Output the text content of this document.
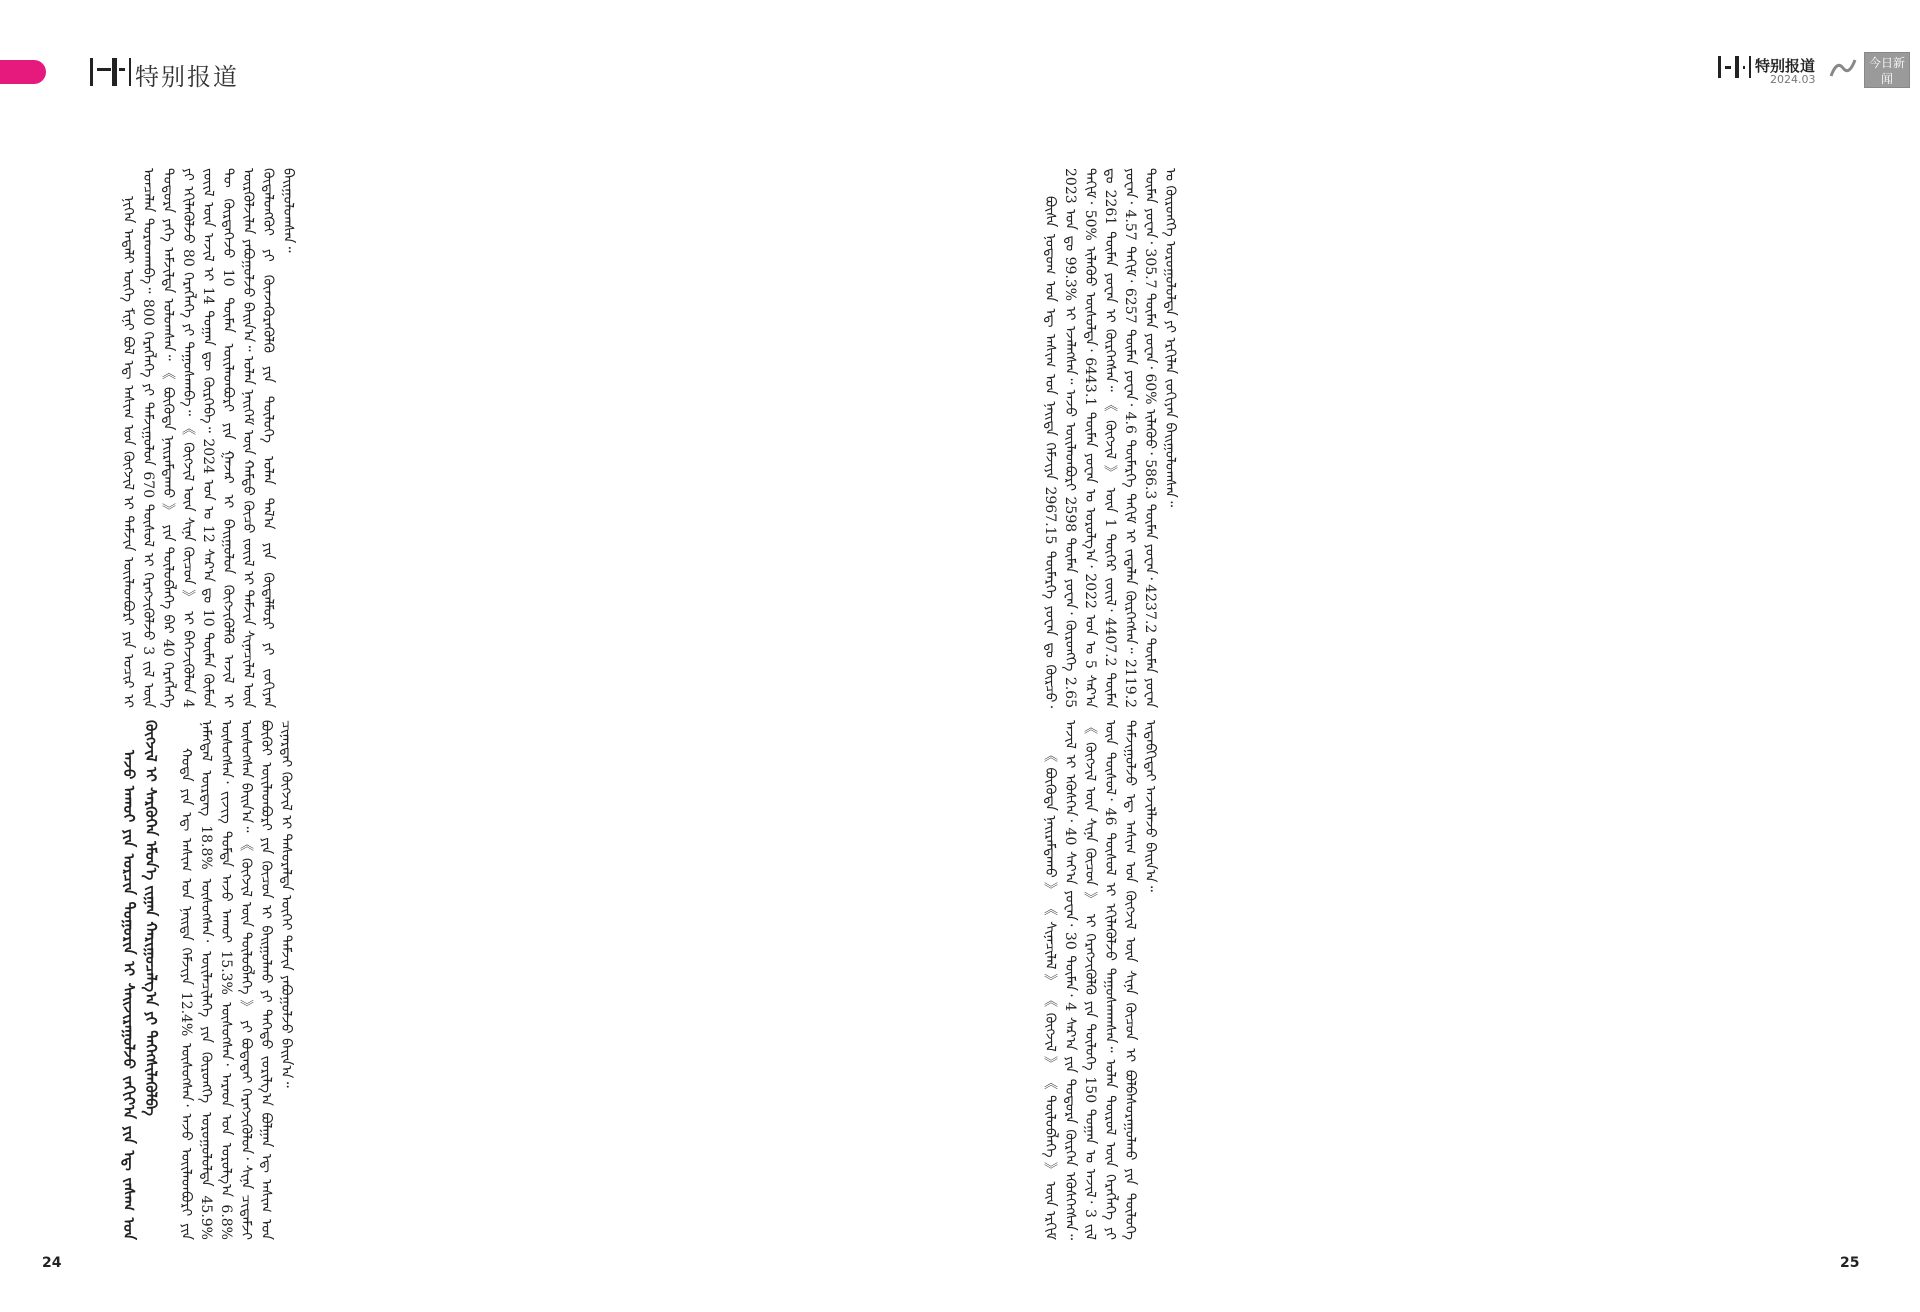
特别报道

ᠨᠢᠭᠡᠨ ᠠᠳᠠᠯᠢ ᠦᠭᠡ ᠮᠢᠨᠢ ᠪᠣᠯ ᠡᠳ᠋ ᠠᠰᠢᠭ ᠤᠨ ᠬᠥᠭᠵᠢᠯ ᠢ ᠳᠡᠮᠵᠢᠨ ᠦᠢᠯᠡᠳᠪᠦᠷᠢ ᠶᠢᠨ ᠤᠴᠢᠷ ᠢ ᠣᠨᠴᠠᠯᠠᠨ ᠳᠤᠷᠠᠳᠬᠠᠪᠠ᠃ 800 ᠬᠡᠷᠡᠭᠯᠡᠭᠡ ᠶᠢ ᠳᠠᠮᠵᠢᠭᠤᠯᠤᠨ 670 ᠲᠥᠰᠦᠯ ᠢ ᠬᠡᠷᠡᠭᠵᠢᠭᠦᠯᠵᠦ 3 ᠵᠢᠯ ᠦᠨ ᠳᠣᠲᠣᠷᠠ ᠶᠡᠬᠡ ᠠᠮᠵᠢᠯᠲᠠ ᠣᠯᠤᠭᠰᠠᠨ᠃ 《 ᠪᠦᠭᠦᠳᠡ ᠨᠠᠢᠷᠠᠮᠳᠠᠬᠤ 》 ᠶᠢᠨ ᠲᠥᠯᠦᠪᠯᠡᠭᠡ ᠪᠡᠷ 40 ᠬᠡᠷᠡᠭᠯᠡᠭᠡ ᠶᠢ ᠡᠬᠢᠯᠡᠭᠦᠯᠵᠦ 80 ᠬᠡᠷᠡᠭᠯᠡᠭᠡ ᠶᠢ ᠳᠠᠭᠤᠰᠬᠠᠪᠠ᠃ 《 ᠬᠥᠭᠵᠢᠯ ᠦᠨ ᠰᠢᠨᠡ ᠬᠦᠴᠦᠨ 》 ᠢ ᠪᠡᠬᠡᠵᠢᠭᠦᠯᠦᠨ 4 ᠵᠦᠢᠯ ᠦᠨ ᠠᠵᠢᠯ ᠢ 14 ᠲᠣᠭᠠᠨ ᠳᠦ ᠬᠦᠷᠭᠡᠪᠡ᠃ 2024 ᠣᠨ ᠤ 12 ᠰᠠᠷ᠎ᠠ ᠳᠤ 10 ᠲᠦᠮᠡᠨ ᠬᠦᠮᠦᠨ ᠲᠦ ᠬᠦᠷᠲᠡᠭᠡᠵᠦ 10 ᠲᠦᠮᠡᠨ ᠦᠢᠯᠡᠳᠪᠦᠷᠢ ᠶᠢᠨ ᠭᠠᠵᠠᠷ ᠢ ᠪᠠᠢᠭᠤᠯᠤᠨ ᠬᠥᠭᠵᠢᠭᠦᠯᠬᠦ ᠠᠵᠢᠯ ᠢ ᠦᠷᠭᠦᠯᠵᠢᠯᠡᠨ ᠶᠠᠪᠤᠭᠤᠯᠵᠤ ᠪᠠᠢᠨ᠎ᠠ᠃ ᠣᠯᠠᠨ ᠨᠡᠢᠭᠡᠮ ᠦᠨ ᠬᠠᠮᠲᠤ ᠬᠦᠴᠦ ᠵᠦᠢᠯ ᠢ ᠳᠡᠮᠵᠢᠨ ᠰᠢᠨᠡᠴᠢᠯᠡᠯ ᠦᠨ ᠬᠥᠳᠡᠯᠦᠩᠭᠦᠢ ᠶᠢ ᠭᠦᠨᠵᠡᠭᠦᠷᠡᠭᠦᠯᠬᠦ ᠶᠢᠨ ᠲᠥᠯᠥᠭᠡ ᠣᠯᠠᠨ ᠲᠠᠯ᠎ᠠ ᠶᠢᠨ ᠬᠥᠳᠡᠯᠮᠦᠷᠢ ᠶᠢ ᠵᠣᠬᠢᠶᠠᠨ ᠪᠠᠢᠭᠤᠯᠤᠭᠰᠠᠨ᠃

ᠠᠵᠤ ᠠᠬᠤᠢ ᠶᠢᠨ ᠣᠷᠴᠢᠨ ᠲᠣᠭᠣᠷᠢᠨ ᠢ ᠰᠠᠢᠵᠢᠷᠠᠭᠤᠯᠵᠤ ᠵᠠᠬᠢᠶ᠎ᠠ ᠶᠢᠨ ᠡᠳ᠋ ᠵᠠᠰᠠᠭ ᠤᠨ ᠬᠥᠭᠵᠢᠯ ᠢ ᠰᠡᠷᠭᠦᠭᠡᠨ ᠡᠮᠦᠨ᠎ᠡ ᠵᠢᠭᠠᠨ ᠬᠠᠷᠢᠭᠤᠴᠠᠯᠭ᠎ᠠ ᠶᠢ ᠳᠡᠭᠡᠭᠰᠢᠯᠡᠭᠦᠯᠪᠡ ᠬᠣᠲᠠ ᠶᠢᠨ ᠡᠳ᠋ ᠠᠰᠢᠭ ᠤᠨ ᠨᠡᠢᠲᠡ ᠬᠡᠮᠵᠢᠶᠡ 12.4% ᠥᠰᠦᠭᠰᠡᠨ᠂ ᠠᠵᠤ ᠦᠢᠯᠡᠳᠪᠦᠷᠢ ᠶᠢᠨ ᠨᠡᠮᠡᠭᠳᠡᠯ ᠥᠷᠲᠡᠭ 18.8% ᠥᠰᠦᠭᠰᠡᠨ᠂ ᠦᠢᠯᠡᠴᠢᠯᠡᠭᠡ ᠶᠢᠨ ᠬᠥᠷᠥᠩᠭᠡ ᠣᠷᠣᠭᠤᠯᠤᠯᠲᠠ 45.9% ᠥᠰᠦᠭᠰᠡᠨ᠂ ᠵᠢᠵᠢᠭ ᠳᠤᠮᠳᠠ ᠠᠵᠤ ᠠᠬᠤᠢ 15.3% ᠥᠰᠦᠭᠰᠡᠨ᠂ ᠠᠷᠠᠳ ᠤᠨ ᠣᠷᠣᠯᠭ᠎ᠠ 6.8% ᠥᠰᠦᠭᠰᠡᠨ ᠪᠠᠢᠨ᠎ᠠ᠃ 《 ᠬᠥᠭᠵᠢᠯ ᠦᠨ ᠲᠥᠯᠦᠪᠯᠡᠭᠡ 》 ᠶᠢ ᠪᠣᠳᠠᠲᠠᠢ ᠬᠡᠷᠡᠭᠵᠢᠭᠦᠯᠦᠨ᠂ ᠰᠢᠨᠡ ᠴᠢᠳᠠᠮᠵᠢ ᠪᠦᠬᠦᠢ ᠦᠢᠯᠡᠳᠪᠦᠷᠢ ᠶᠢᠨ ᠬᠦᠴᠦᠨ ᠢ ᠪᠠᠢᠭᠤᠯᠬᠤ ᠶᠢ ᠳᠡᠭᠡᠳᠦ ᠵᠣᠷᠢᠯᠭ᠎ᠠ ᠪᠣᠯᠭᠠᠨ ᠡᠳ᠋ ᠠᠰᠢᠭ ᠤᠨ ᠴᠢᠨᠠᠷᠲᠠᠢ ᠬᠥᠭᠵᠢᠯ ᠢ ᠲᠠᠰᠤᠷᠠᠯᠲᠠ ᠦᠭᠡᠢ ᠳᠡᠮᠵᠢᠨ ᠶᠠᠪᠤᠭᠤᠯᠵᠤ ᠪᠠᠢᠨ᠎ᠠ᠃

24

ᠪᠦᠰᠡ ᠨᠤᠲᠤᠭ ᠤᠨ ᠡᠳ᠋ ᠠᠰᠢᠭ ᠤᠨ ᠨᠡᠢᠲᠡ ᠬᠡᠮᠵᠢᠶᠡ 2967.15 ᠲᠦᠮᠡᠷᠭᠡ ᠶᠤᠸᠠᠨ ᠳᠤ ᠬᠦᠷᠴᠦ᠂ 2023 ᠣᠨ ᠳᠤ 99.3% ᠢ ᠡᠵᠡᠯᠡᠭᠰᠡᠨ᠃ ᠠᠵᠤ ᠦᠢᠯᠡᠳᠪᠦᠷᠢ 2598 ᠲᠦᠮᠡᠨ ᠶᠤᠸᠠᠨ᠂ ᠬᠥᠷᠥᠩᠭᠡ 2.65 ᠲᠠᠬᠢᠮ᠂ 50% ᠢᠯᠡᠭᠦᠦ ᠥᠰᠦᠯᠲᠡ᠂ 6443.1 ᠲᠦᠮᠡᠨ ᠶᠤᠸᠠᠨ ᠤ ᠣᠷᠣᠯᠭ᠎ᠠ᠂ 2022 ᠣᠨ ᠤ 5 ᠰᠠᠷ᠎ᠠ ᠳᠤ 2261 ᠲᠦᠮᠡᠨ ᠶᠤᠸᠠᠨ ᠢ ᠬᠦᠷᠭᠡᠭᠰᠡᠨ᠃ 《 ᠬᠥᠭᠵᠢᠯ 》 ᠦᠨ 1 ᠳᠦᠭᠡᠷ ᠵᠦᠢᠯ᠂ 4407.2 ᠲᠦᠮᠡᠨ ᠶᠤᠸᠠᠨ᠂ 4.57 ᠲᠠᠬᠢᠮ᠂ 6257 ᠲᠦᠮᠡᠨ ᠶᠤᠸᠠᠨ᠂ 4.6 ᠲᠦᠮᠡᠷᠭᠡ ᠲᠠᠬᠢᠮ ᠢ ᠵᠠᠳᠠᠯᠠᠨ ᠬᠦᠷᠭᠡᠭᠰᠡᠨ᠃ 2119.2 ᠲᠦᠮᠡᠨ ᠶᠤᠸᠠᠨ᠂ 305.7 ᠲᠦᠮᠡᠨ ᠶᠤᠸᠠᠨ᠂ 60% ᠢᠯᠡᠭᠦᠦ᠂ 586.3 ᠲᠦᠮᠡᠨ ᠶᠤᠸᠠᠨ᠂ 4237.2 ᠲᠦᠮᠡᠨ ᠶᠤᠸᠠᠨ ᠤ ᠬᠥᠷᠥᠩᠭᠡ ᠣᠷᠣᠭᠤᠯᠤᠯᠲᠠ ᠶᠢ ᠡᠷᠬᠢᠯᠡᠨ ᠵᠣᠬᠢᠶᠠᠨ ᠪᠠᠢᠭᠤᠯᠤᠭᠰᠠᠨ᠃

《 ᠪᠦᠭᠦᠳᠡ ᠨᠠᠢᠷᠠᠮᠳᠠᠬᠤ 》 《 ᠰᠢᠨᠡᠴᠢᠯᠡᠯ 》 《 ᠬᠥᠭᠵᠢᠯ 》 《 ᠲᠥᠯᠦᠪᠯᠡᠭᠡ 》 ᠦᠨ ᠡᠷᠬᠢᠮ ᠠᠵᠢᠯ ᠢ ᠡᠭᠦᠰᠭᠡᠨ᠂ 40 ᠰᠠᠶ᠎ᠠ ᠶᠤᠸᠠᠨ᠂ 30 ᠲᠦᠮᠡᠨ᠂ 4 ᠰᠠᠷ᠎ᠠ ᠶᠢᠨ ᠳᠣᠲᠣᠷᠠ ᠬᠦᠷᠭᠡᠨ ᠡᠭᠦᠰᠭᠡᠭᠰᠡᠨ᠃ 《 ᠬᠥᠭᠵᠢᠯ ᠦᠨ ᠰᠢᠨᠡ ᠬᠦᠴᠦᠨ 》 ᠢ ᠬᠡᠷᠡᠭᠵᠢᠭᠦᠯᠬᠦ ᠶᠢᠨ ᠲᠥᠯᠥᠭᠡ 150 ᠲᠣᠭᠠᠨ ᠤ ᠠᠵᠢᠯ᠂ 3 ᠵᠢᠯ ᠦᠨ ᠲᠥᠰᠦᠯ᠂ 46 ᠲᠥᠰᠦᠯ ᠢ ᠡᠬᠢᠯᠡᠭᠦᠯᠵᠦ ᠳᠠᠭᠤᠰᠬᠠᠭᠰᠠᠨ᠃ ᠣᠯᠠᠨ ᠲᠥᠷᠥᠯ ᠦᠨ ᠬᠡᠷᠡᠭᠯᠡᠭᠡ ᠶᠢ ᠳᠠᠮᠵᠢᠭᠤᠯᠵᠤ ᠡᠳ᠋ ᠠᠰᠢᠭ ᠤᠨ ᠬᠥᠭᠵᠢᠯ ᠦᠨ ᠰᠢᠨᠡ ᠬᠦᠴᠦᠨ ᠢ ᠪᠣᠯᠪᠠᠰᠤᠷᠠᠭᠤᠯᠬᠤ ᠶᠢᠨ ᠲᠥᠯᠥᠭᠡ ᠢᠳᠡᠪᠬᠢᠲᠡᠢ ᠠᠵᠢᠯᠯᠠᠵᠤ ᠪᠠᠢᠨ᠎ᠠ᠃

25
特别报道
2024.03
今日新闻
